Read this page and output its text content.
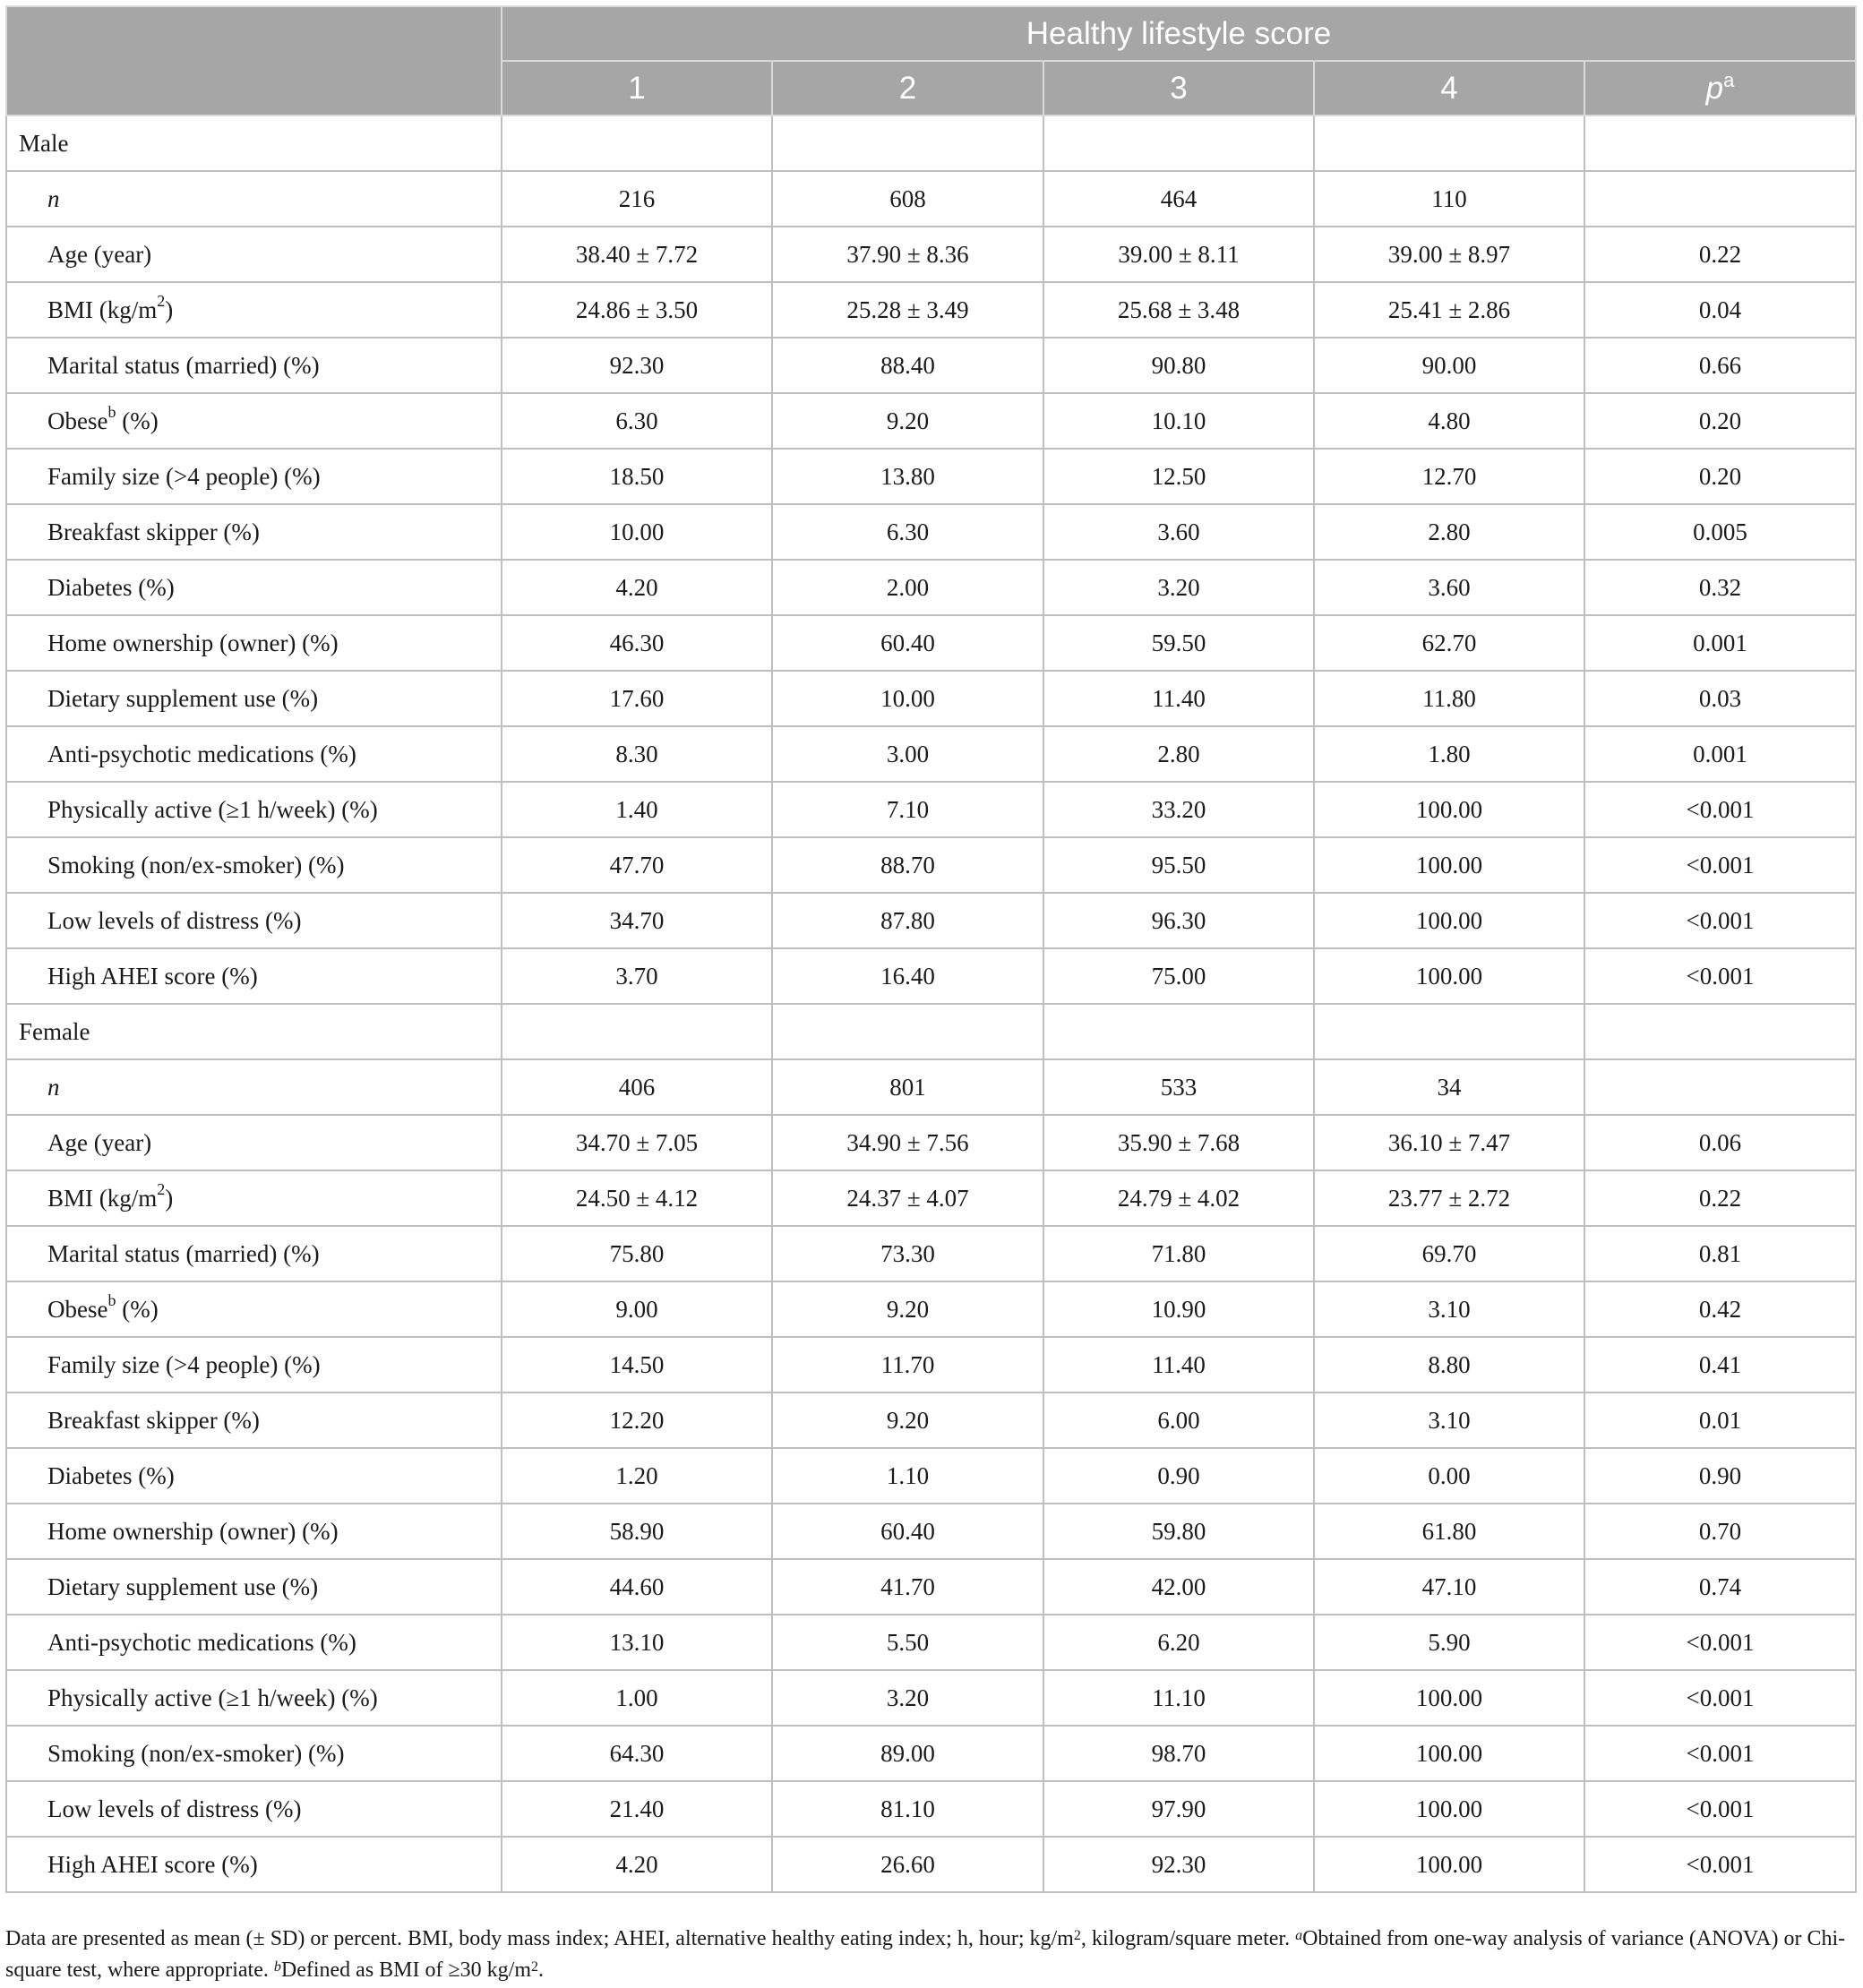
	Healthy lifestyle score				
	1	2	3	4	$p^a$
Male					
n	216	608	464	110	
Age (year)	38.40 ± 7.72	37.90 ± 8.36	39.00 ± 8.11	39.00 ± 8.97	0.22
BMI $(kg/m^2)$	24.86 ± 3.50	25.28 ± 3.49	25.68 ± 3.48	25.41 ± 2.86	0.04
Marital status (married) (%)	92.30	88.40	90.80	90.00	0.66
Obese$^b$ (%)	6.30	9.20	10.10	4.80	0.20
Family size (>4 people) (%)	18.50	13.80	12.50	12.70	0.20
Breakfast skipper (%)	10.00	6.30	3.60	2.80	0.005
Diabetes (%)	4.20	2.00	3.20	3.60	0.32
Home ownership (owner) (%)	46.30	60.40	59.50	62.70	0.001
Dietary supplement use (%)	17.60	10.00	11.40	11.80	0.03
Anti-psychotic medications (%)	8.30	3.00	2.80	1.80	0.001
Physically active (≥1 h/week) (%)	1.40	7.10	33.20	100.00	<0.001
Smoking (non/ex-smoker) (%)	47.70	88.70	95.50	100.00	<0.001
Low levels of distress (%)	34.70	87.80	96.30	100.00	<0.001
High AHEI score (%)	3.70	16.40	75.00	100.00	<0.001
Female					
n	406	801	533	34	
Age (year)	34.70 ± 7.05	34.90 ± 7.56	35.90 ± 7.68	36.10 ± 7.47	0.06
BMI $(kg/m^2)$	24.50 ± 4.12	24.37 ± 4.07	24.79 ± 4.02	23.77 ± 2.72	0.22
Marital status (married) (%)	75.80	73.30	71.80	69.70	0.81
Obese$^b$ (%)	9.00	9.20	10.90	3.10	0.42
Family size (>4 people) (%)	14.50	11.70	11.40	8.80	0.41
Breakfast skipper (%)	12.20	9.20	6.00	3.10	0.01
Diabetes (%)	1.20	1.10	0.90	0.00	0.90
Home ownership (owner) (%)	58.90	60.40	59.80	61.80	0.70
Dietary supplement use (%)	44.60	41.70	42.00	47.10	0.74
Anti-psychotic medications (%)	13.10	5.50	6.20	5.90	<0.001
Physically active (≥1 h/week) (%)	1.00	3.20	11.10	100.00	<0.001
Smoking (non/ex-smoker) (%)	64.30	89.00	98.70	100.00	<0.001
Low levels of distress (%)	21.40	81.10	97.90	100.00	<0.001
High AHEI score (%)	4.20	26.60	92.30	100.00	<0.001
Data are presented as mean (± SD) or percent. BMI, body mass index; AHEI, alternative healthy eating index; h, hour; $kg/m^2$, kilogram/square meter. $^a$Obtained from one-way analysis of variance (ANOVA) or Chi-square test, where appropriate. $^b$Defined as BMI of ≥30 $kg/m^2$.
